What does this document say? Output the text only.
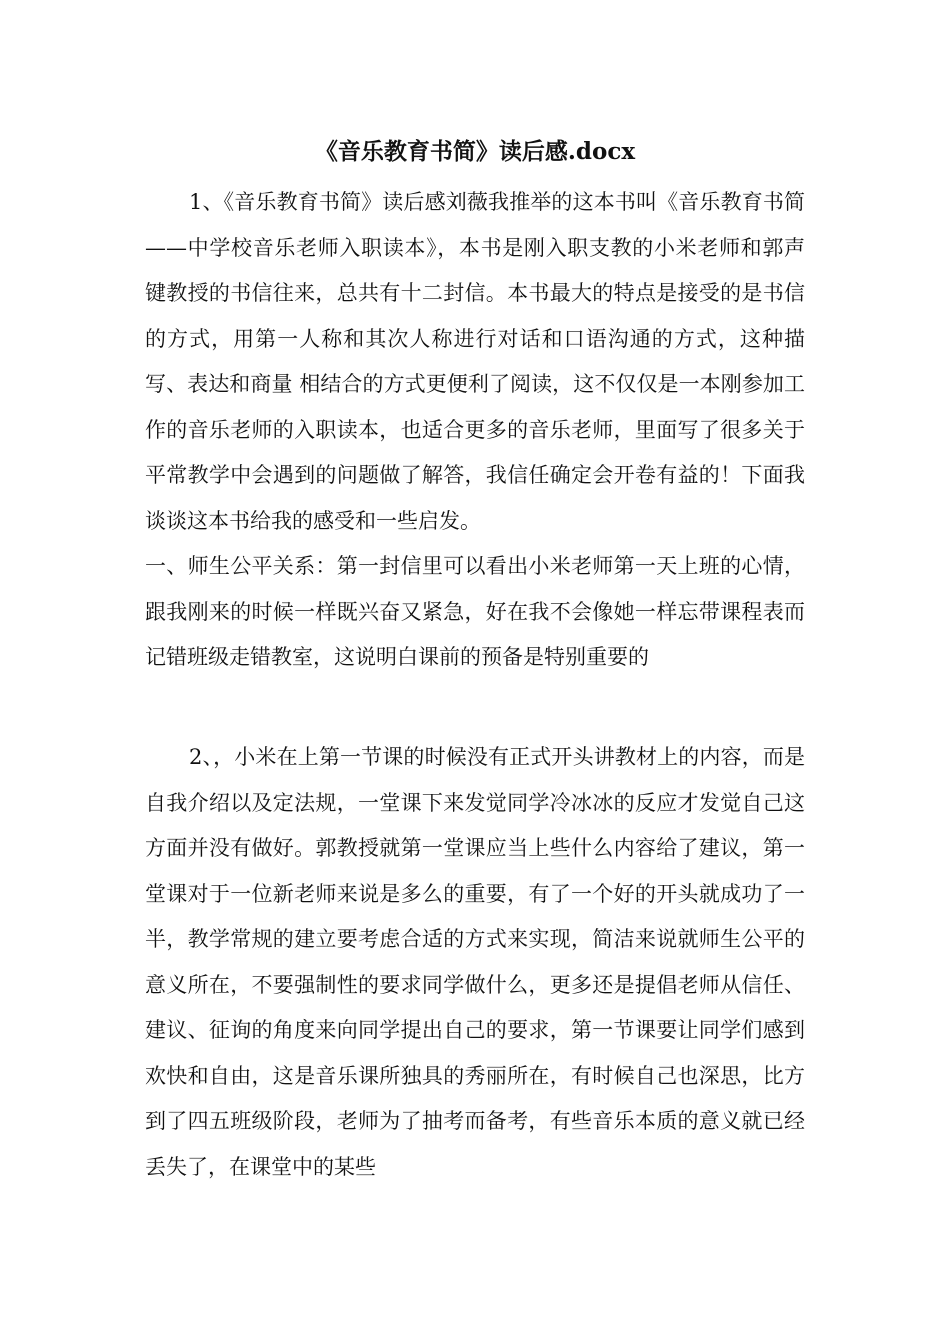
《音乐教育书简》读后感.docx

1、《音乐教育书简》读后感刘薇我推举的这本书叫《音乐教育书简——中学校音乐老师入职读本》，本书是刚入职支教的小米老师和郭声键教授的书信往来，总共有十二封信。本书最大的特点是接受的是书信的方式，用第一人称和其次人称进行对话和口语沟通的方式，这种描写、表达和商量 相结合的方式更便利了阅读，这不仅仅是一本刚参加工作的音乐老师的入职读本，也适合更多的音乐老师，里面写了很多关于平常教学中会遇到的问题做了解答，我信任确定会开卷有益的！下面我谈谈这本书给我的感受和一些启发。

一、师生公平关系：第一封信里可以看出小米老师第一天上班的心情，跟我刚来的时候一样既兴奋又紧急，好在我不会像她一样忘带课程表而记错班级走错教室，这说明白课前的预备是特别重要的

2、，小米在上第一节课的时候没有正式开头讲教材上的内容，而是自我介绍以及定法规，一堂课下来发觉同学冷冰冰的反应才发觉自己这方面并没有做好。郭教授就第一堂课应当上些什么内容给了建议，第一堂课对于一位新老师来说是多么的重要，有了一个好的开头就成功了一半，教学常规的建立要考虑合适的方式来实现，简洁来说就师生公平的意义所在，不要强制性的要求同学做什么，更多还是提倡老师从信任、建议、征询的角度来向同学提出自己的要求，第一节课要让同学们感到欢快和自由，这是音乐课所独具的秀丽所在，有时候自己也深思，比方到了四五班级阶段，老师为了抽考而备考，有些音乐本质的意义就已经丢失了，在课堂中的某些
